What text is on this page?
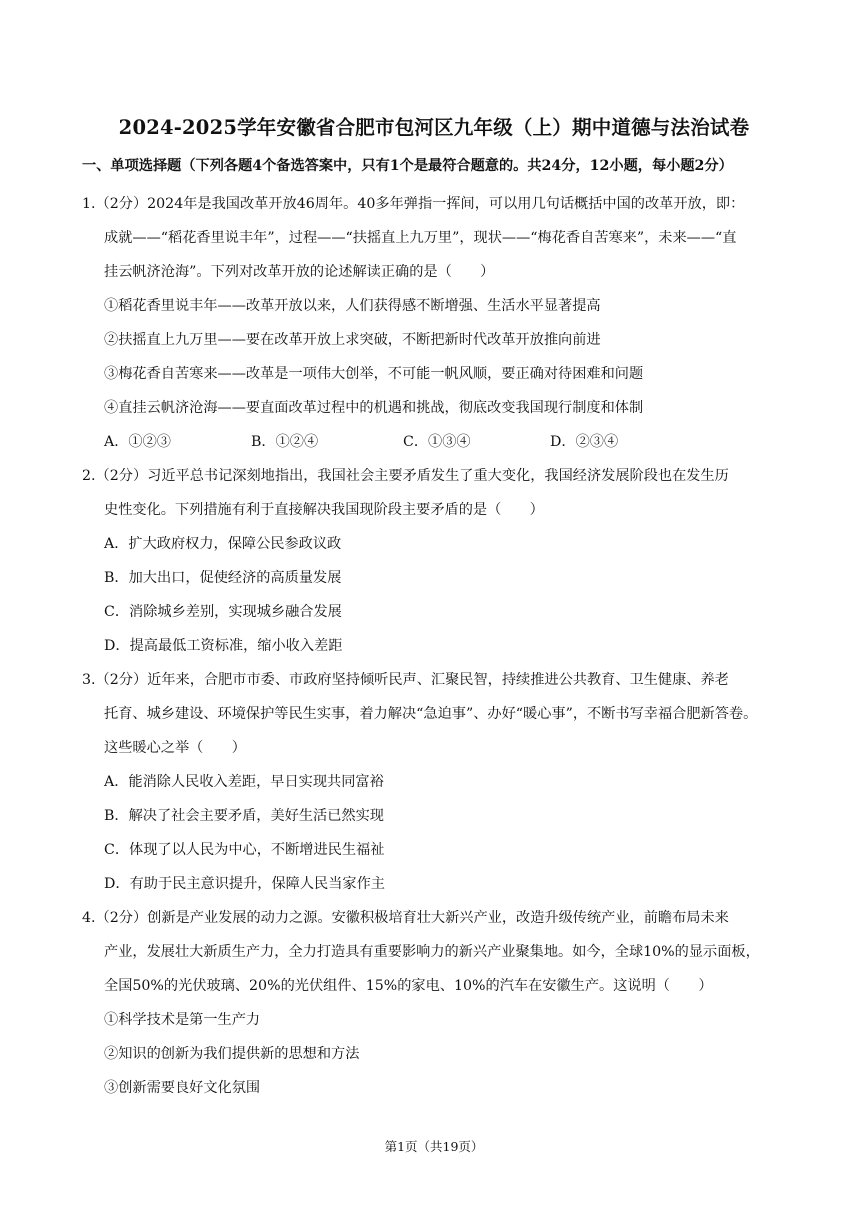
2024-2025学年安徽省合肥市包河区九年级（上）期中道德与法治试卷
一、单项选择题（下列各题4个备选答案中，只有1个是最符合题意的。共24分，12小题，每小题2分）
1.（2分）2024年是我国改革开放46周年。40多年弹指一挥间，可以用几句话概括中国的改革开放，即：
成就——“稻花香里说丰年”，过程——“扶摇直上九万里”，现状——“梅花香自苦寒来”，未来——“直
挂云帆济沧海”。下列对改革开放的论述解读正确的是（　　）
①稻花香里说丰年——改革开放以来，人们获得感不断增强、生活水平显著提高
②扶摇直上九万里——要在改革开放上求突破，不断把新时代改革开放推向前进
③梅花香自苦寒来——改革是一项伟大创举，不可能一帆风顺，要正确对待困难和问题
④直挂云帆济沧海——要直面改革过程中的机遇和挑战，彻底改变我国现行制度和体制
A．①②③	B．①②④	C．①③④	D．②③④
2.（2分）习近平总书记深刻地指出，我国社会主要矛盾发生了重大变化，我国经济发展阶段也在发生历
史性变化。下列措施有利于直接解决我国现阶段主要矛盾的是（　　）
A．扩大政府权力，保障公民参政议政
B．加大出口，促使经济的高质量发展
C．消除城乡差别，实现城乡融合发展
D．提高最低工资标准，缩小收入差距
3.（2分）近年来，合肥市市委、市政府坚持倾听民声、汇聚民智，持续推进公共教育、卫生健康、养老
托育、城乡建设、环境保护等民生实事，着力解决“急迫事”、办好“暖心事”，不断书写幸福合肥新答卷。
这些暖心之举（　　）
A．能消除人民收入差距，早日实现共同富裕
B．解决了社会主要矛盾，美好生活已然实现
C．体现了以人民为中心，不断增进民生福祉
D．有助于民主意识提升，保障人民当家作主
4.（2分）创新是产业发展的动力之源。安徽积极培育壮大新兴产业，改造升级传统产业，前瞻布局未来
产业，发展壮大新质生产力，全力打造具有重要影响力的新兴产业聚集地。如今，全球10%的显示面板，
全国50%的光伏玻璃、20%的光伏组件、15%的家电、10%的汽车在安徽生产。这说明（　　）
①科学技术是第一生产力
②知识的创新为我们提供新的思想和方法
③创新需要良好文化氛围
第1页（共19页）
